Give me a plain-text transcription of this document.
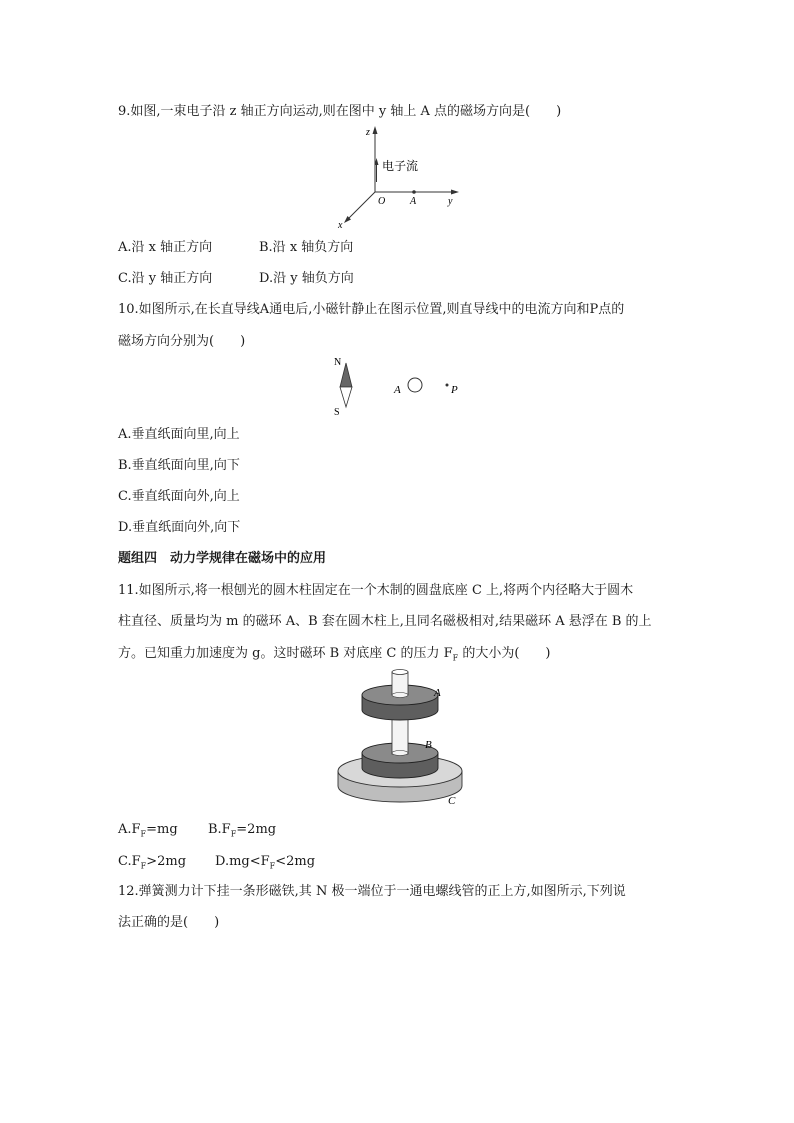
9.如图,一束电子沿 z 轴正方向运动,则在图中 y 轴上 A 点的磁场方向是(　　)
z
y
x
O A
电子流
A.沿 x 轴正方向	B.沿 x 轴负方向
C.沿 y 轴正方向	D.沿 y 轴负方向
10.如图所示,在长直导线A通电后,小磁针静止在图示位置,则直导线中的电流方向和P点的
磁场方向分别为(　　)
N
S
A	P
A.垂直纸面向里,向上
B.垂直纸面向里,向下
C.垂直纸面向外,向上
D.垂直纸面向外,向下
题组四　动力学规律在磁场中的应用
11.如图所示,将一根刨光的圆木柱固定在一个木制的圆盘底座 C 上,将两个内径略大于圆木
柱直径、质量均为 m 的磁环 A、B 套在圆木柱上,且同名磁极相对,结果磁环 A 悬浮在 B 的上
方。已知重力加速度为 g。这时磁环 B 对底座 C 的压力 $F_F$ 的大小为(　　)
A
B
C
$A.F_F=mg$ $B.F_F=2mg$
$C.F_F>2mg$ $D.mg<F_F<2mg$
12.弹簧测力计下挂一条形磁铁,其 N 极一端位于一通电螺线管的正上方,如图所示,下列说
法正确的是(　　)
